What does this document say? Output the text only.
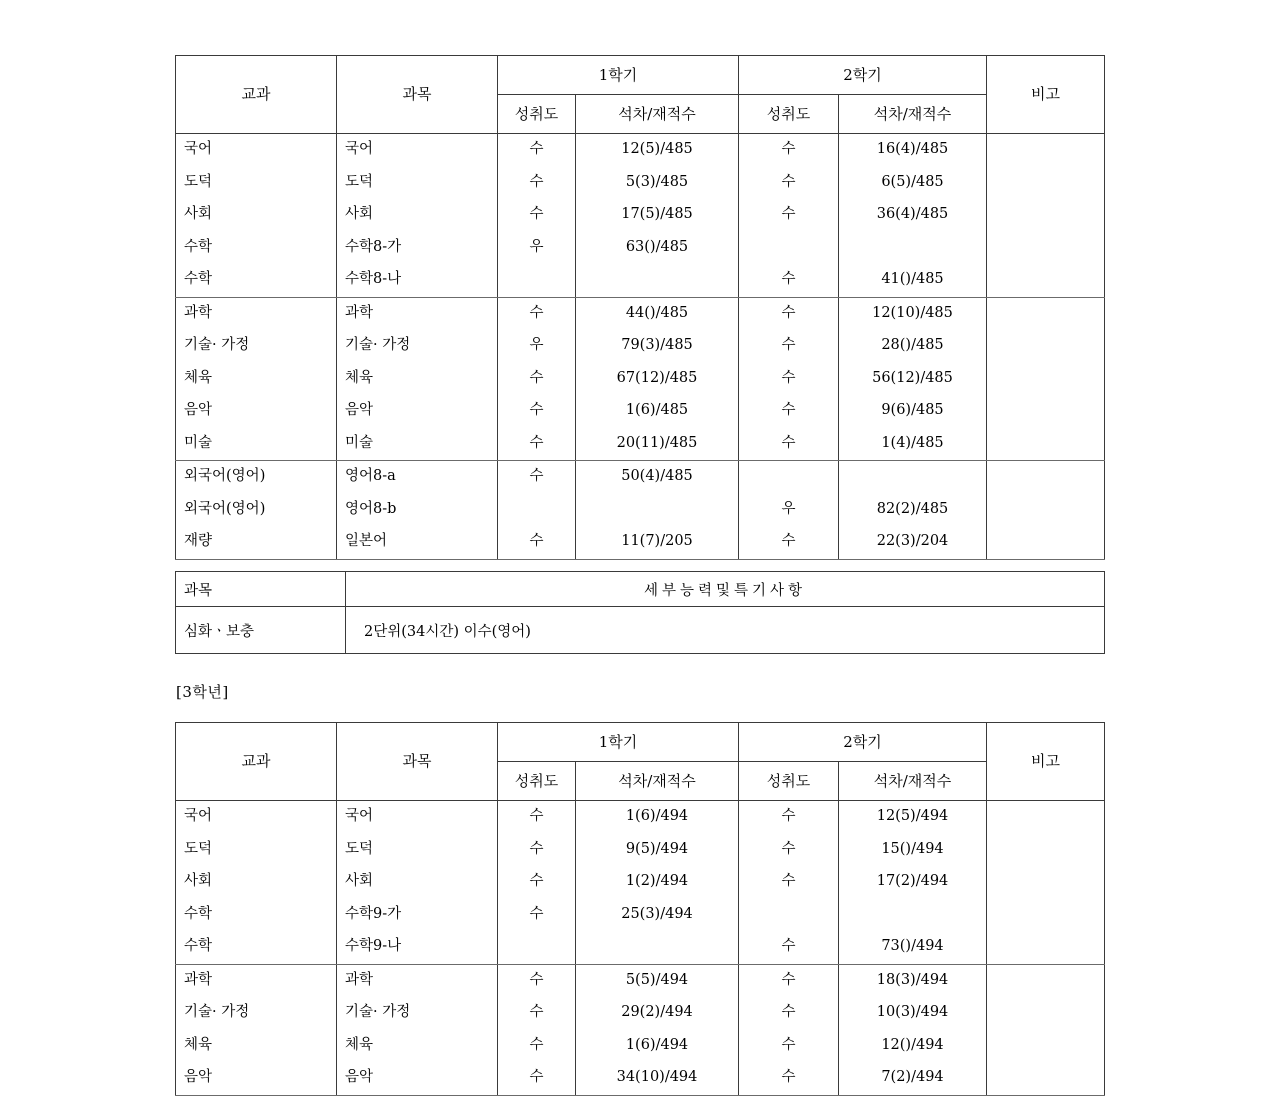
교과	과목	1학기		2학기		비고
		성취도	석차/재적수	성취도	석차/재적수	
국어	국어	수	12(5)/485	수	16(4)/485	
도덕	도덕	수	5(3)/485	수	6(5)/485	
사회	사회	수	17(5)/485	수	36(4)/485	
수학	수학8-가	우	63()/485			
수학	수학8-나			수	41()/485	
과학	과학	수	44()/485	수	12(10)/485	
기술· 가정	기술· 가정	우	79(3)/485	수	28()/485	
체육	체육	수	67(12)/485	수	56(12)/485	
음악	음악	수	1(6)/485	수	9(6)/485	
미술	미술	수	20(11)/485	수	1(4)/485	
외국어(영어)	영어8-a	수	50(4)/485			
외국어(영어)	영어8-b			우	82(2)/485	
재량	일본어	수	11(7)/205	수	22(3)/204	
과목	세부능력및특기사항
심화ㆍ보충	2단위(34시간) 이수(영어)
[3학년]
교과	과목	1학기		2학기		비고
		성취도	석차/재적수	성취도	석차/재적수	
국어	국어	수	1(6)/494	수	12(5)/494	
도덕	도덕	수	9(5)/494	수	15()/494	
사회	사회	수	1(2)/494	수	17(2)/494	
수학	수학9-가	수	25(3)/494			
수학	수학9-나			수	73()/494	
과학	과학	수	5(5)/494	수	18(3)/494	
기술· 가정	기술· 가정	수	29(2)/494	수	10(3)/494	
체육	체육	수	1(6)/494	수	12()/494	
음악	음악	수	34(10)/494	수	7(2)/494	
